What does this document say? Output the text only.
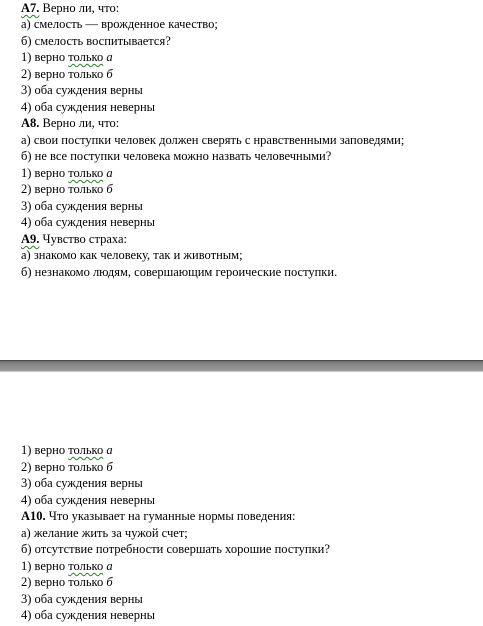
А7. Верно ли, что:
а) смелость — врожденное качество;
б) смелость воспитывается?
1) верно только а
2) верно только б
3) оба суждения верны
4) оба суждения неверны
А8. Верно ли, что:
а) свои поступки человек должен сверять с нравственными заповедями;
б) не все поступки человека можно назвать человечными?
1) верно только а
2) верно только б
3) оба суждения верны
4) оба суждения неверны
А9. Чувство страха:
а) знакомо как человеку, так и животным;
б) незнакомо людям, совершающим героические поступки.
1) верно только а
2) верно только б
3) оба суждения верны
4) оба суждения неверны
А10. Что указывает на гуманные нормы поведения:
а) желание жить за чужой счет;
б) отсутствие потребности совершать хорошие поступки?
1) верно только а
2) верно только б
3) оба суждения верны
4) оба суждения неверны
